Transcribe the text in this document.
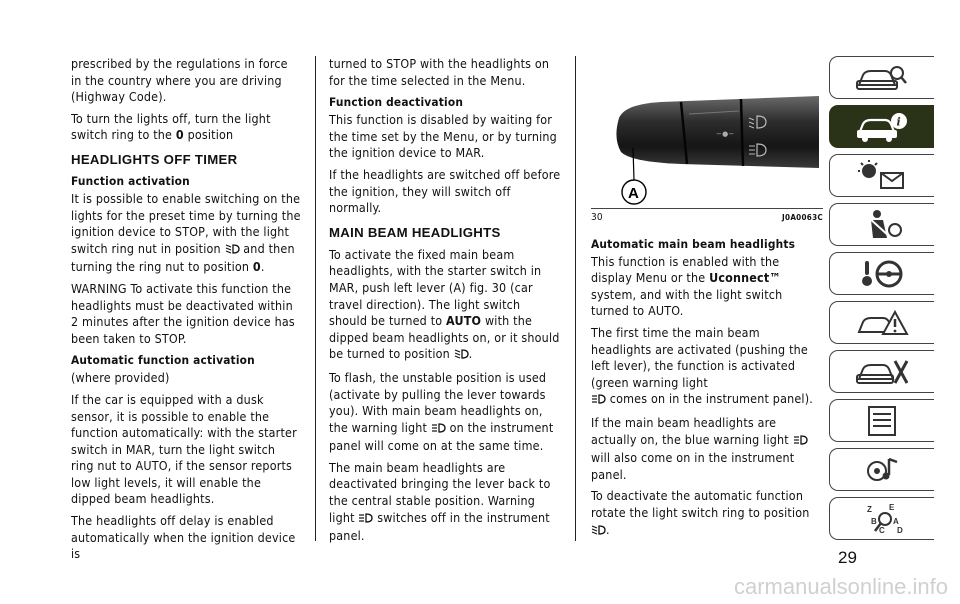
prescribed by the regulations in force in the country where you are driving (Highway Code).

To turn the lights off, turn the light switch ring to the 0 position

HEADLIGHTS OFF TIMER
Function activation

It is possible to enable switching on the lights for the preset time by turning the ignition device to STOP, with the light switch ring nut in position  and then turning the ring nut to position 0.

WARNING To activate this function the headlights must be deactivated within 2 minutes after the ignition device has been taken to STOP.

Automatic function activation

(where provided)

If the car is equipped with a dusk sensor, it is possible to enable the function automatically: with the starter switch in MAR, turn the light switch ring nut to AUTO, if the sensor reports low light levels, it will enable the dipped beam headlights.

The headlights off delay is enabled automatically when the ignition device is

turned to STOP with the headlights on for the time selected in the Menu.

Function deactivation

This function is disabled by waiting for the time set by the Menu, or by turning the ignition device to MAR.

If the headlights are switched off before the ignition, they will switch off normally.

MAIN BEAM HEADLIGHTS

To activate the fixed main beam headlights, with the starter switch in MAR, push left lever (A) fig. 30 (car travel direction). The light switch should be turned to AUTO with the dipped beam headlights on, or it should be turned to position .

To flash, the unstable position is used (activate by pulling the lever towards you). With main beam headlights on, the warning light  on the instrument panel will come on at the same time.

The main beam headlights are deactivated bringing the lever back to the central stable position. Warning light  switches off in the instrument panel.

−●−
A
30	J0A0063C
Automatic main beam headlights

This function is enabled with the display Menu or the Uconnect™ system, and with the light switch turned to AUTO.

The first time the main beam headlights are activated (pushing the left lever), the function is activated (green warning light
comes on in the instrument panel).

If the main beam headlights are actually on, the blue warning light  will also come on in the instrument panel.

To deactivate the automatic function rotate the light switch ring to position
.

i
Z E
B A
C D
29
carmanualsonline.info
